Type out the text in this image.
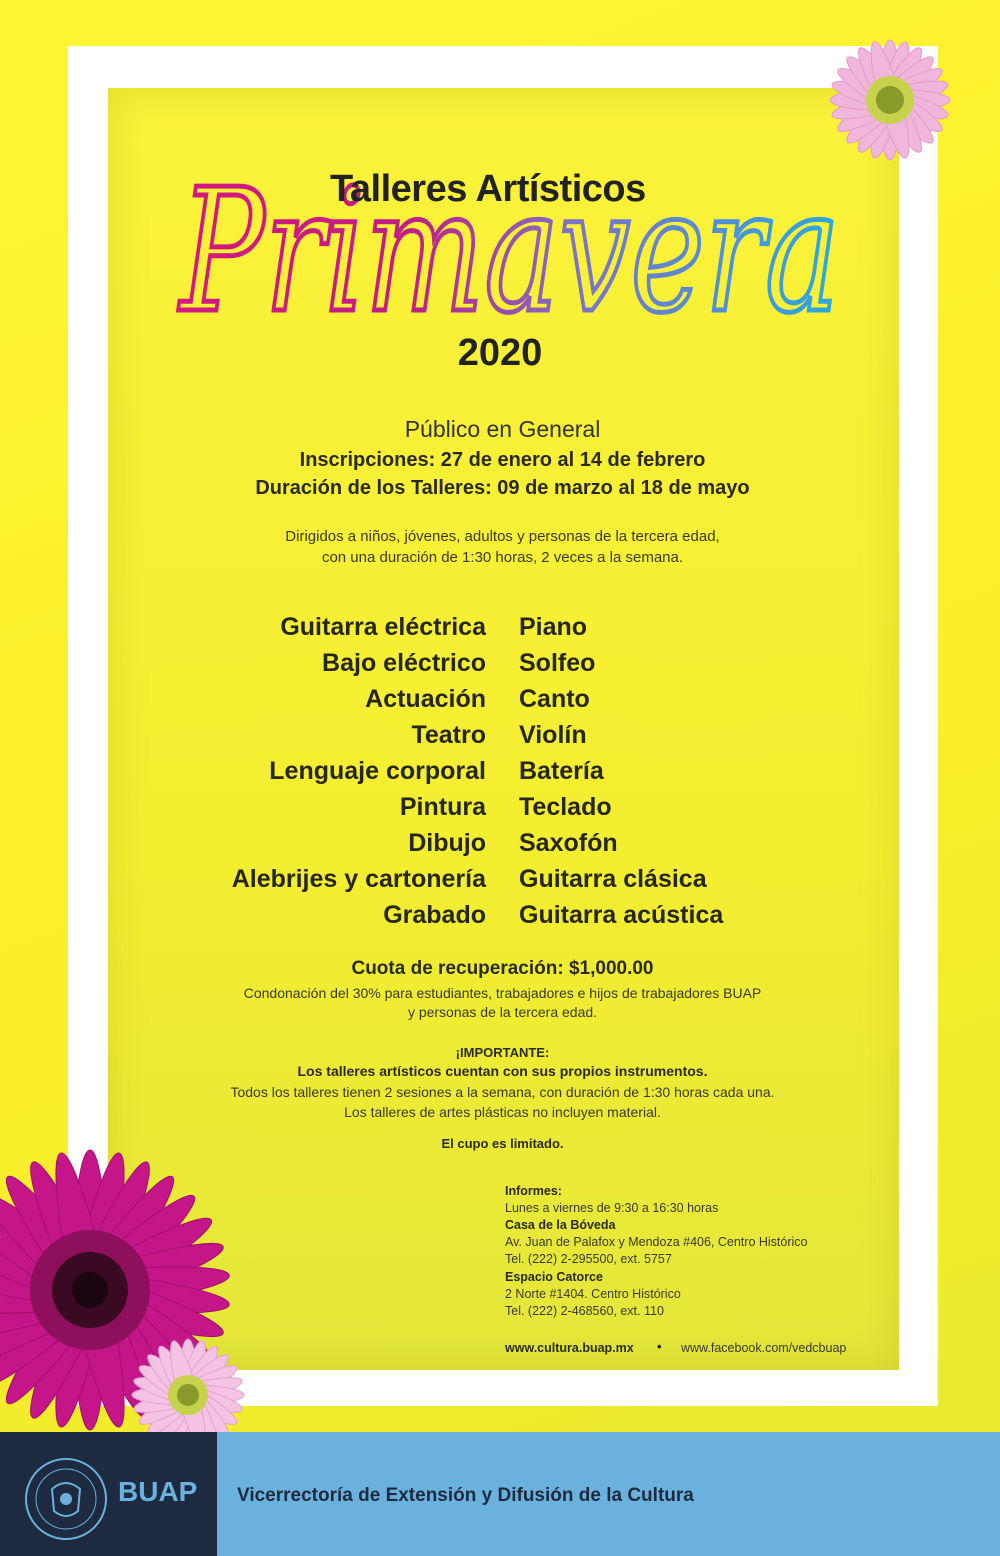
Primavera
Talleres Artísticos
2020
Público en General
Inscripciones: 27 de enero al 14 de febrero
Duración de los Talleres: 09 de marzo al 18 de mayo
Dirigidos a niños, jóvenes, adultos y personas de la tercera edad,
con una duración de 1:30 horas, 2 veces a la semana.
Guitarra eléctrica
Bajo eléctrico
Actuación
Teatro
Lenguaje corporal
Pintura
Dibujo
Alebrijes y cartonería
Grabado
Piano
Solfeo
Canto
Violín
Batería
Teclado
Saxofón
Guitarra clásica
Guitarra acústica
Cuota de recuperación: $1,000.00
Condonación del 30% para estudiantes, trabajadores e hijos de trabajadores BUAP
y personas de la tercera edad.
¡IMPORTANTE:
Los talleres artísticos cuentan con sus propios instrumentos.
Todos los talleres tienen 2 sesiones a la semana, con duración de 1:30 horas cada una.
Los talleres de artes plásticas no incluyen material.
El cupo es limitado.
Informes:
Lunes a viernes de 9:30 a 16:30 horas
Casa de la Bóveda
Av. Juan de Palafox y Mendoza #406, Centro Histórico
Tel. (222) 2-295500, ext. 5757
Espacio Catorce
2 Norte #1404. Centro Histórico
Tel. (222) 2-468560, ext. 110
www.cultura.buap.mx • www.facebook.com/vedcbuap
BUAP Vicerrectoría de Extensión y Difusión de la Cultura
